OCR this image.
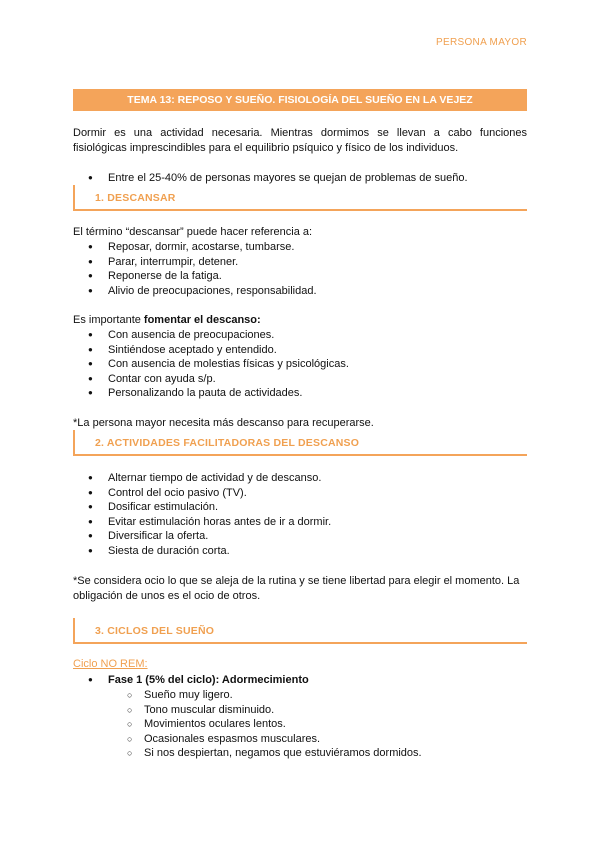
PERSONA MAYOR
TEMA 13: REPOSO Y SUEÑO. FISIOLOGÍA DEL SUEÑO EN LA VEJEZ
Dormir es una actividad necesaria. Mientras dormimos se llevan a cabo funciones
fisiológicas imprescindibles para el equilibrio psíquico y físico de los individuos.
● Entre el 25-40% de personas mayores se quejan de problemas de sueño.
1. DESCANSAR
El término “descansar” puede hacer referencia a:
● Reposar, dormir, acostarse, tumbarse.
● Parar, interrumpir, detener.
● Reponerse de la fatiga.
● Alivio de preocupaciones, responsabilidad.
Es importante fomentar el descanso:
● Con ausencia de preocupaciones.
● Sintiéndose aceptado y entendido.
● Con ausencia de molestias físicas y psicológicas.
● Contar con ayuda s/p.
● Personalizando la pauta de actividades.
*La persona mayor necesita más descanso para recuperarse.
2. ACTIVIDADES FACILITADORAS DEL DESCANSO
● Alternar tiempo de actividad y de descanso.
● Control del ocio pasivo (TV).
● Dosificar estimulación.
● Evitar estimulación horas antes de ir a dormir.
● Diversificar la oferta.
● Siesta de duración corta.
*Se considera ocio lo que se aleja de la rutina y se tiene libertad para elegir el momento. La
obligación de unos es el ocio de otros.
3. CICLOS DEL SUEÑO
Ciclo NO REM:
● Fase 1 (5% del ciclo): Adormecimiento
○ Sueño muy ligero.
○ Tono muscular disminuido.
○ Movimientos oculares lentos.
○ Ocasionales espasmos musculares.
○ Si nos despiertan, negamos que estuviéramos dormidos.
